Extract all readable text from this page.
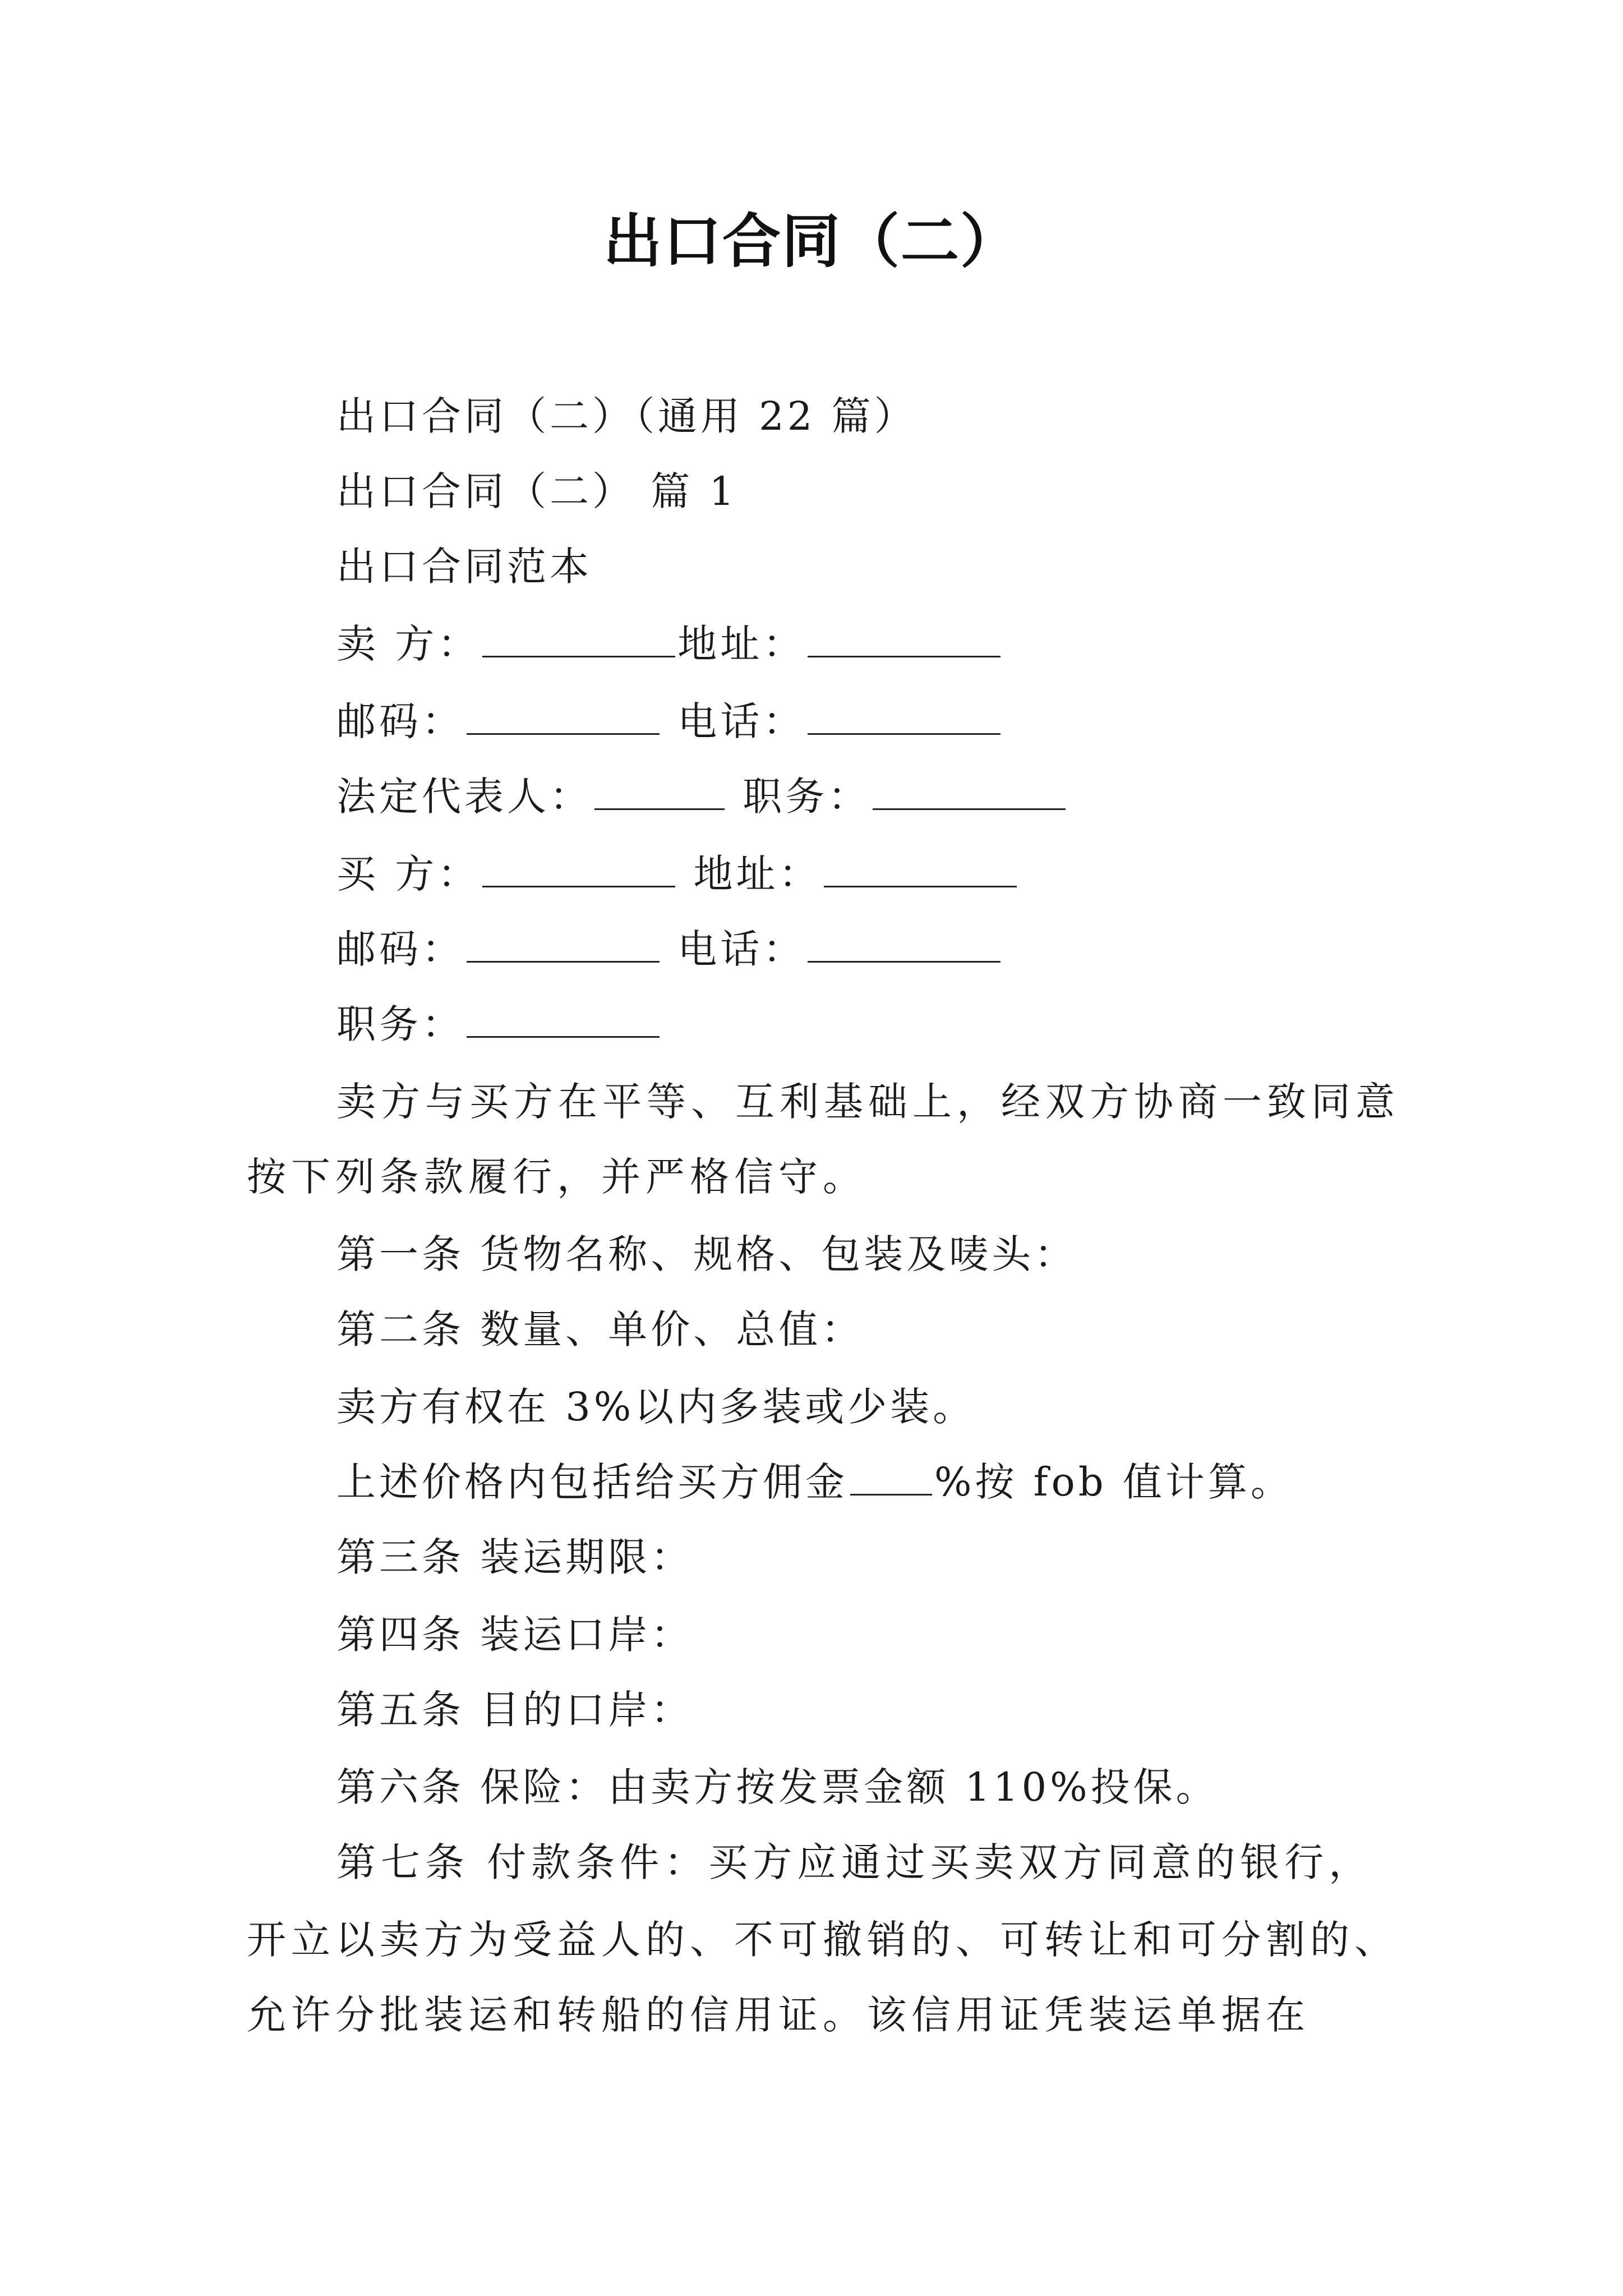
出口合同（二）
出口合同（二）（通用 22 篇）
出口合同（二） 篇 1
出口合同范本
卖 方：	地址：
邮码：	电话：
法定代表人：	职务：
买 方：	地址：
邮码：	电话：
职务：
卖方与买方在平等、互利基础上，经双方协商一致同意
按下列条款履行，并严格信守。
第一条 货物名称、规格、包装及唛头：
第二条 数量、单价、总值：
卖方有权在 3%以内多装或少装。
上述价格内包括给买方佣金 %按 fob 值计算。
第三条 装运期限：
第四条 装运口岸：
第五条 目的口岸：
第六条 保险：由卖方按发票金额 110%投保。
第七条 付款条件：买方应通过买卖双方同意的银行，
开立以卖方为受益人的、不可撤销的、可转让和可分割的、
允许分批装运和转船的信用证。该信用证凭装运单据在
